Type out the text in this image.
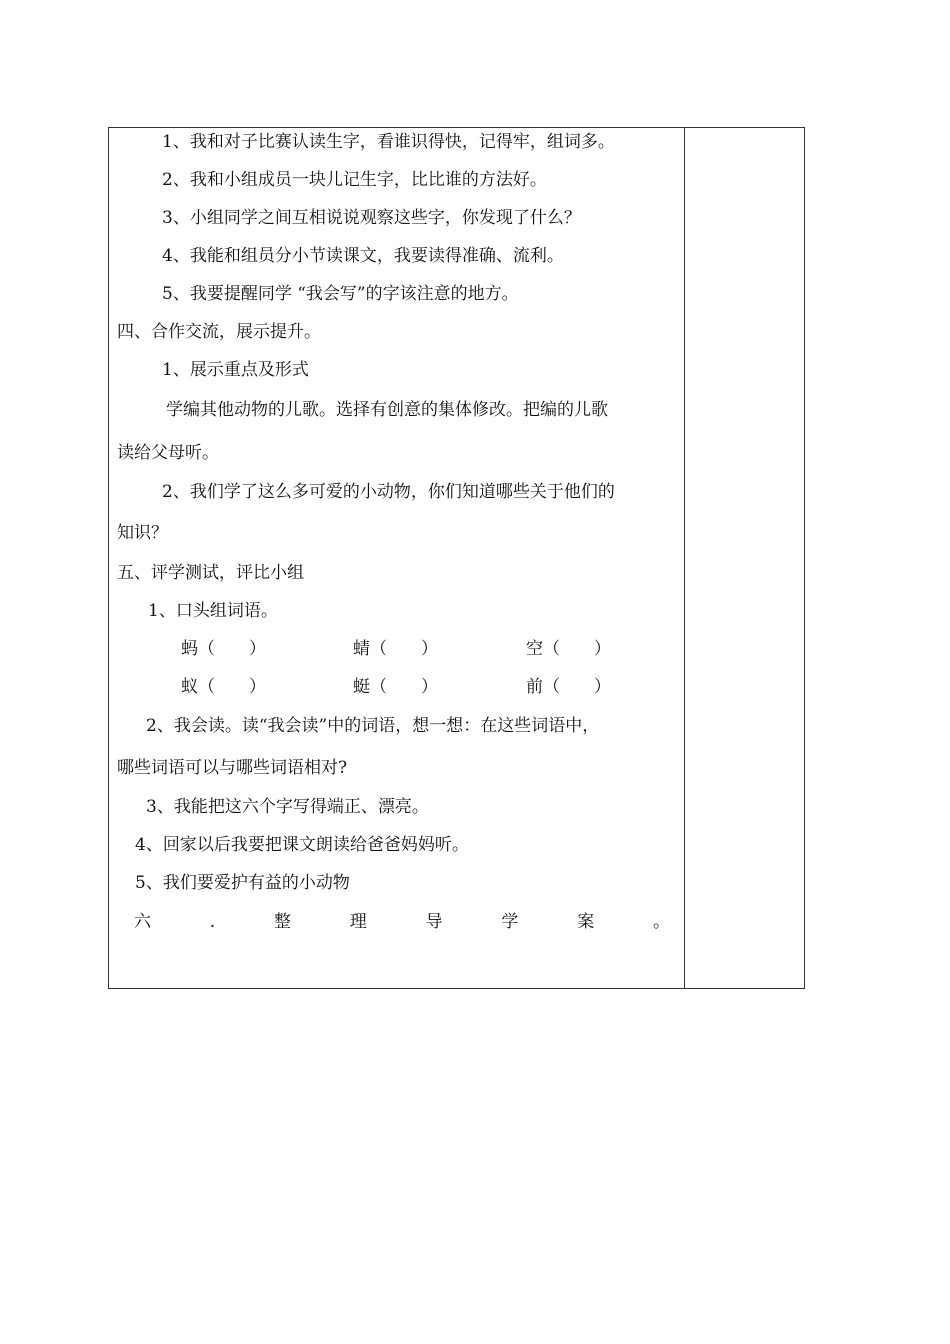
1、我和对子比赛认读生字，看谁识得快，记得牢，组词多。
2、我和小组成员一块儿记生字，比比谁的方法好。
3、小组同学之间互相说说观察这些字，你发现了什么？
4、我能和组员分小节读课文，我要读得准确、流利。
5、我要提醒同学 “我会写”的字该注意的地方。
四、合作交流，展示提升。
1、展示重点及形式
学编其他动物的儿歌。选择有创意的集体修改。把编的儿歌
读给父母听。
2、我们学了这么多可爱的小动物，你们知道哪些关于他们的
知识？
五、评学测试，评比小组
1、口头组词语。
蚂（　　）	蜻（　　）	空（　　）
蚁（　　）	蜓（　　）	前（　　）
2、我会读。读“我会读”中的词语，想一想：在这些词语中，
哪些词语可以与哪些词语相对?
3、我能把这六个字写得端正、漂亮。
4、回家以后我要把课文朗读给爸爸妈妈听。
5、我们要爱护有益的小动物
六	.	整	理	导	学	案	。
